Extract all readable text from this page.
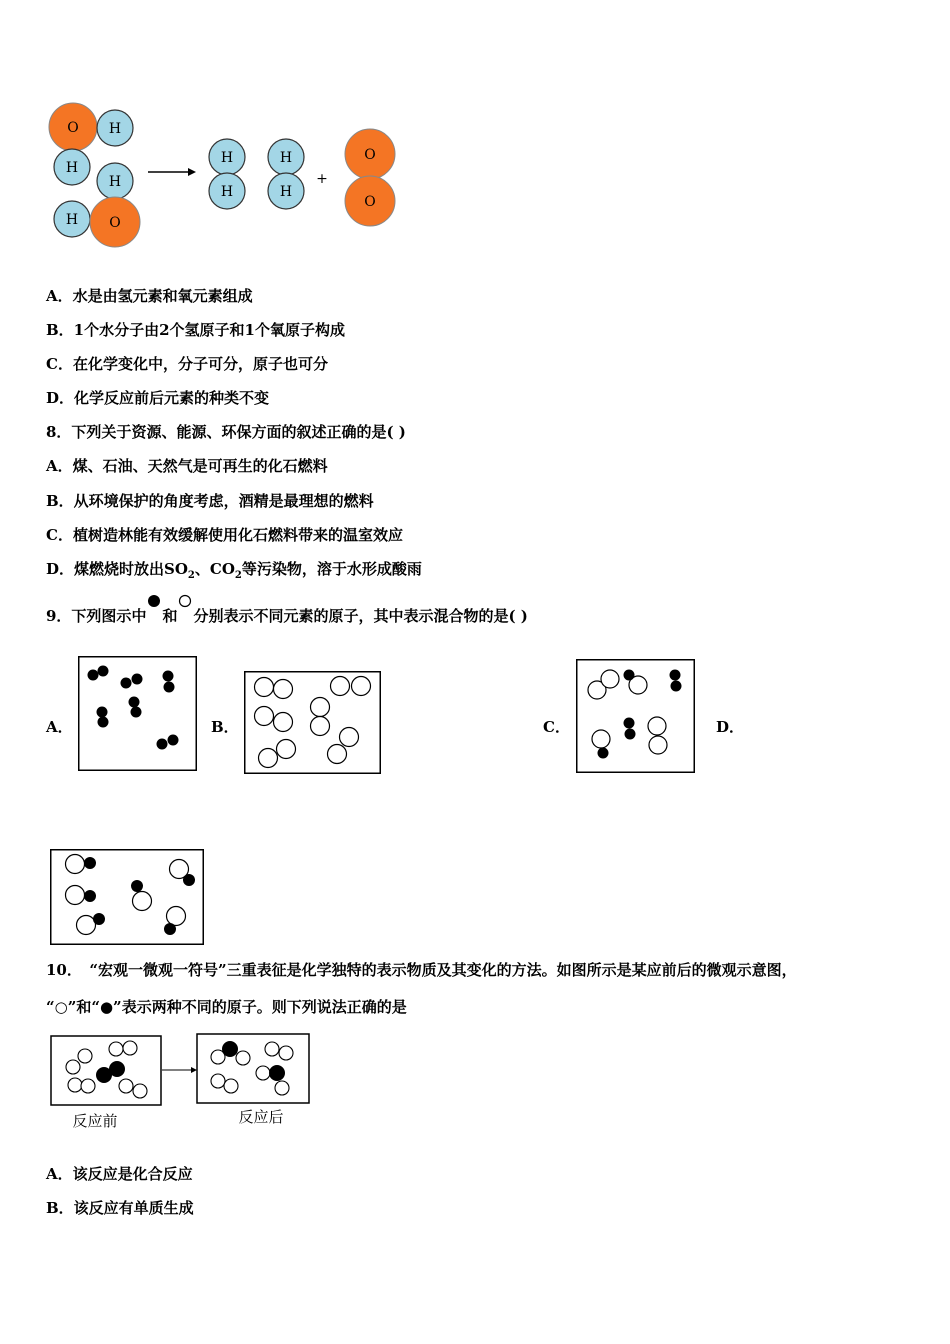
O H
H
H
H O
H
H
H
H
+
O
O
A．水是由氢元素和氧元素组成
B．1个水分子由2个氢原子和1个氧原子构成
C．在化学变化中，分子可分，原子也可分
D．化学反应前后元素的种类不变
8．下列关于资源、能源、环保方面的叙述正确的是( )
A．煤、石油、天然气是可再生的化石燃料
B．从环境保护的角度考虑，酒精是最理想的燃料
C．植树造林能有效缓解使用化石燃料带来的温室效应
D．煤燃烧时放出$SO_2$、$CO_2$等污染物，溶于水形成酸雨
9．下列图示中 和 分别表示不同元素的原子，其中表示混合物的是( )
A．	B．	C．	D．
10．　“宏观一微观一符号”三重表征是化学独特的表示物质及其变化的方法。如图所示是某应前后的微观示意图，
“○”和“●”表示两种不同的原子。则下列说法正确的是
反应前	反应后
A．该反应是化合反应
B．该反应有单质生成
